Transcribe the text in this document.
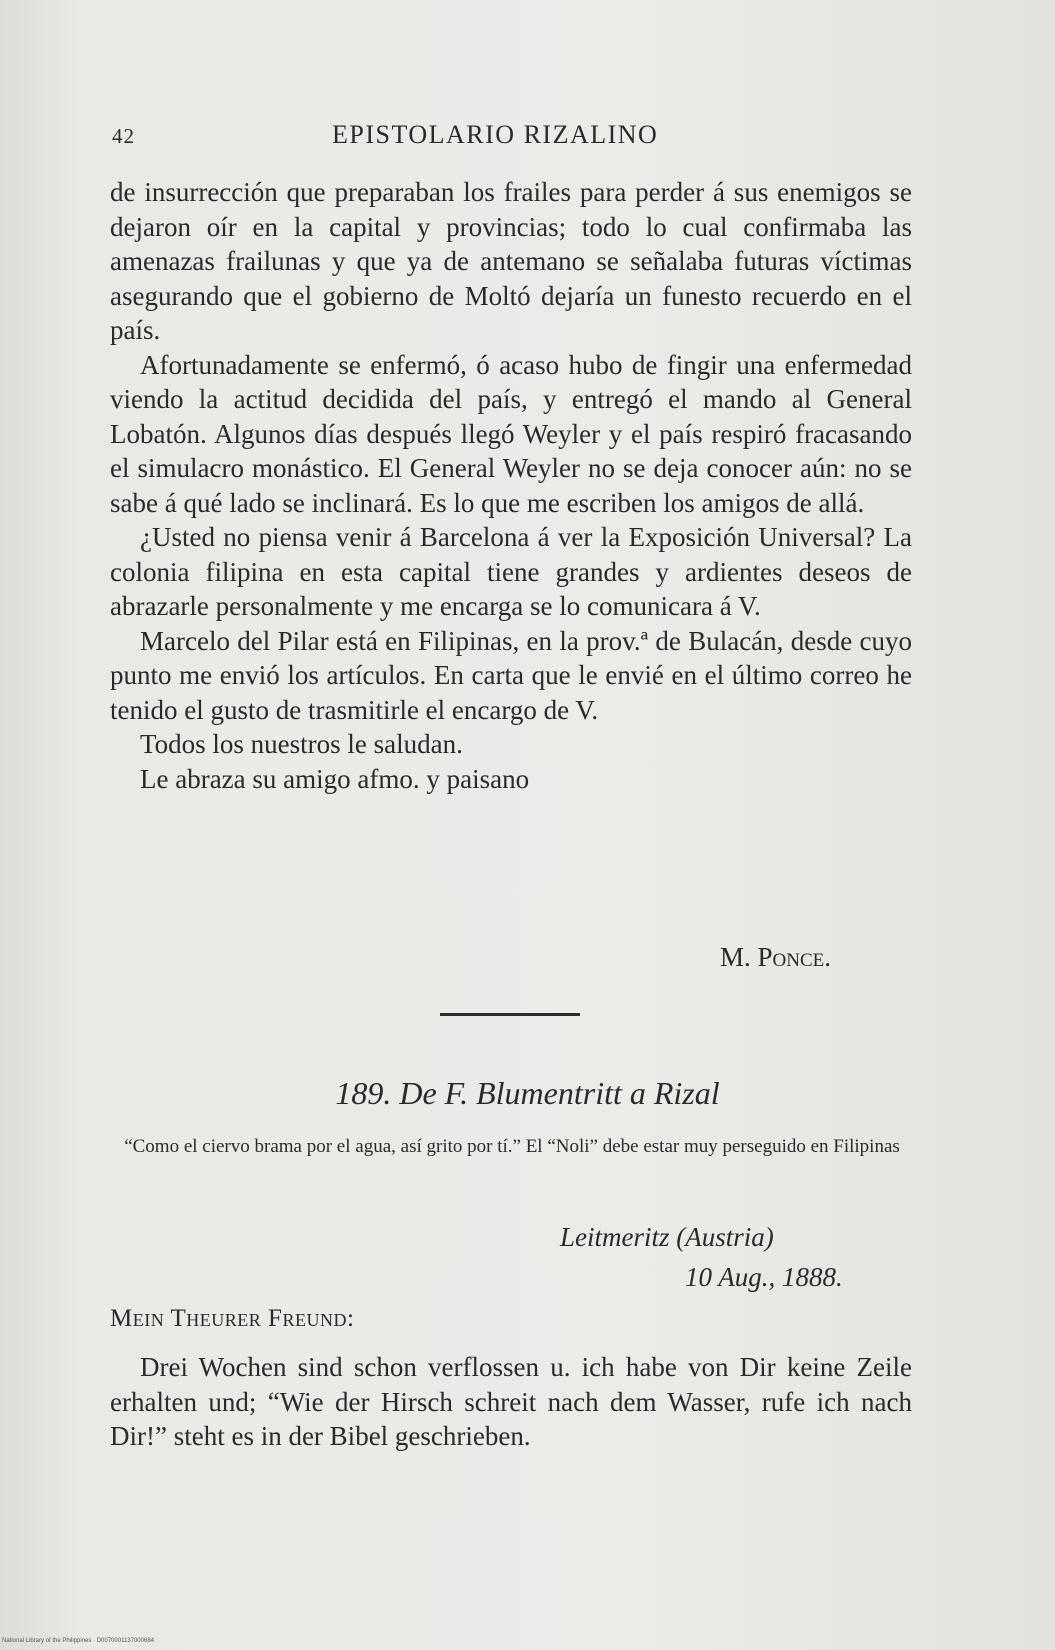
42	EPISTOLARIO RIZALINO

de insurrección que preparaban los frailes para perder á sus enemigos se dejaron oír en la capital y provincias; todo lo cual confirmaba las amenazas frailunas y que ya de antemano se señalaba futuras víctimas asegurando que el gobierno de Moltó dejaría un funesto recuerdo en el país.

Afortunadamente se enfermó, ó acaso hubo de fingir una enfermedad viendo la actitud decidida del país, y entregó el mando al General Lobatón. Algunos días después llegó Weyler y el país respiró fracasando el simulacro monástico. El General Weyler no se deja conocer aún: no se sabe á qué lado se inclinará. Es lo que me escriben los amigos de allá.

¿Usted no piensa venir á Barcelona á ver la Exposición Universal? La colonia filipina en esta capital tiene grandes y ardientes deseos de abrazarle personalmente y me encarga se lo comunicara á V.

Marcelo del Pilar está en Filipinas, en la prov.ª de Bulacán, desde cuyo punto me envió los artículos. En carta que le envié en el último correo he tenido el gusto de trasmitirle el encargo de V.

Todos los nuestros le saludan.

Le abraza su amigo afmo. y paisano

M. Ponce.
189. De F. Blumentritt a Rizal
“Como el ciervo brama por el agua, así grito por tí.” El “Noli” debe estar muy perseguido en Filipinas
Leitmeritz (Austria)
10 Aug., 1888.
Mein Theurer Freund:

Drei Wochen sind schon verflossen u. ich habe von Dir keine Zeile erhalten und; “Wie der Hirsch schreit nach dem Wasser, rufe ich nach Dir!” steht es in der Bibel geschrieben.

National Library of the Philippines · D0070001137000684
